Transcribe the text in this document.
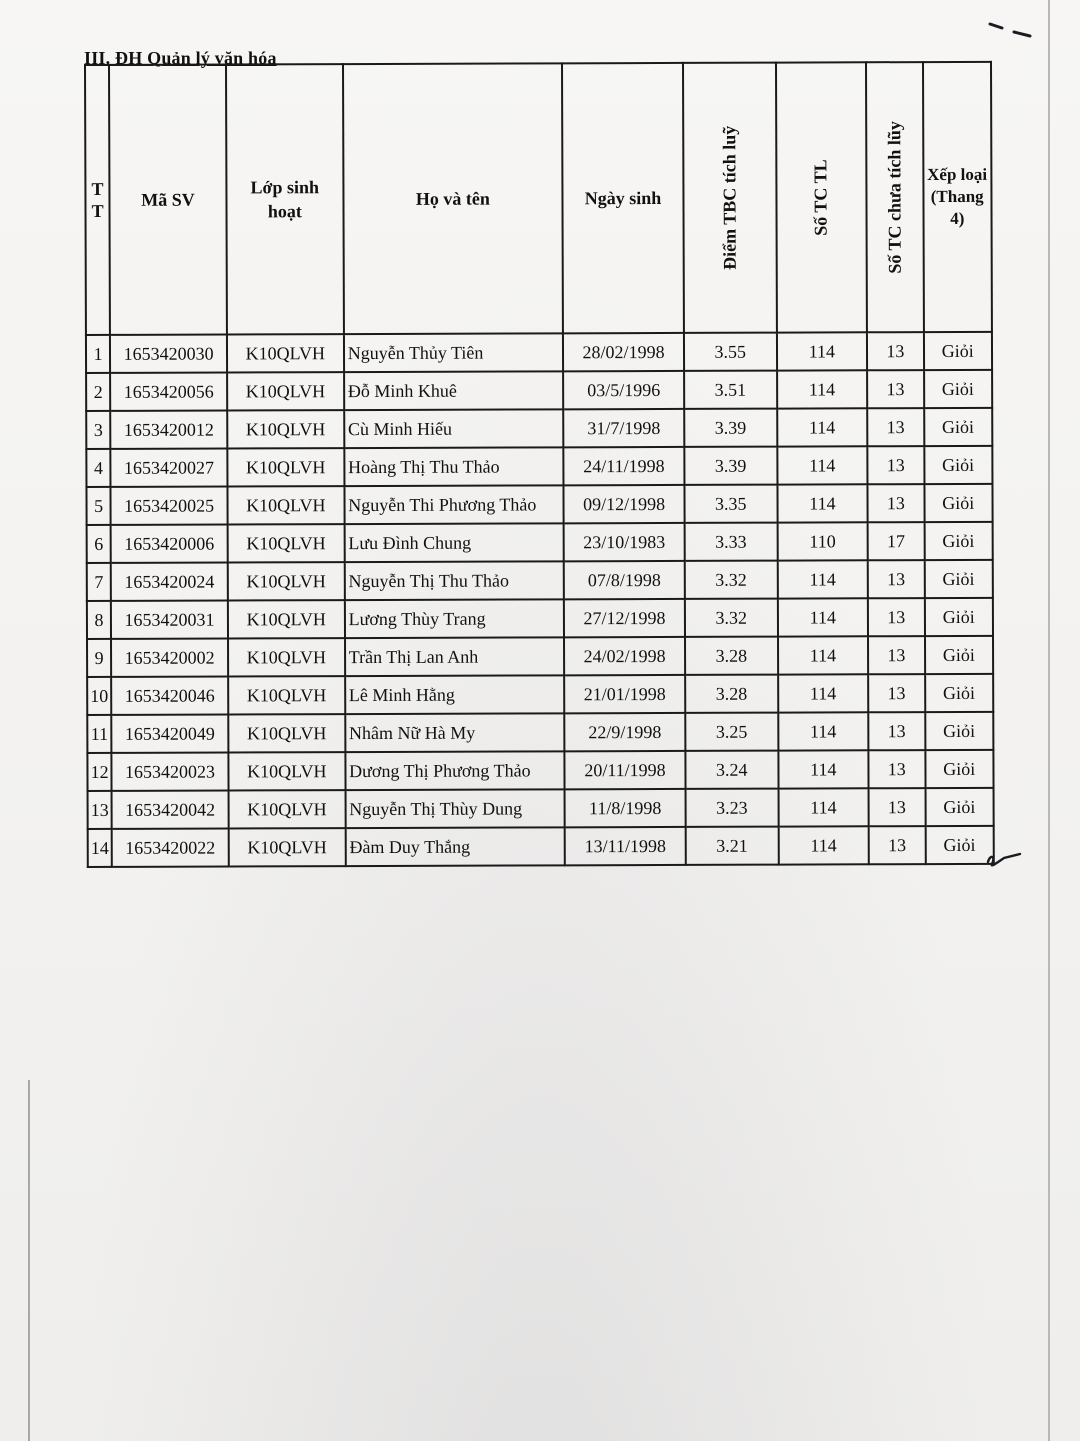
III. ĐH Quản lý văn hóa
T
T	Mã SV	Lớp sinh hoạt	Họ và tên	Ngày sinh	Điểm TBC tích luỹ	Số TC TL	Số TC chưa tích lũy	Xếp loại (Thang 4)
1	1653420030	K10QLVH	Nguyễn Thủy Tiên	28/02/1998	3.55	114	13	Giỏi
2	1653420056	K10QLVH	Đỗ Minh Khuê	03/5/1996	3.51	114	13	Giỏi
3	1653420012	K10QLVH	Cù Minh Hiếu	31/7/1998	3.39	114	13	Giỏi
4	1653420027	K10QLVH	Hoàng Thị Thu Thảo	24/11/1998	3.39	114	13	Giỏi
5	1653420025	K10QLVH	Nguyễn Thi Phương Thảo	09/12/1998	3.35	114	13	Giỏi
6	1653420006	K10QLVH	Lưu Đình Chung	23/10/1983	3.33	110	17	Giỏi
7	1653420024	K10QLVH	Nguyễn Thị Thu Thảo	07/8/1998	3.32	114	13	Giỏi
8	1653420031	K10QLVH	Lương Thùy Trang	27/12/1998	3.32	114	13	Giỏi
9	1653420002	K10QLVH	Trần Thị Lan Anh	24/02/1998	3.28	114	13	Giỏi
10	1653420046	K10QLVH	Lê Minh Hằng	21/01/1998	3.28	114	13	Giỏi
11	1653420049	K10QLVH	Nhâm Nữ Hà My	22/9/1998	3.25	114	13	Giỏi
12	1653420023	K10QLVH	Dương Thị Phương Thảo	20/11/1998	3.24	114	13	Giỏi
13	1653420042	K10QLVH	Nguyễn Thị Thùy Dung	11/8/1998	3.23	114	13	Giỏi
14	1653420022	K10QLVH	Đàm Duy Thắng	13/11/1998	3.21	114	13	Giỏi
